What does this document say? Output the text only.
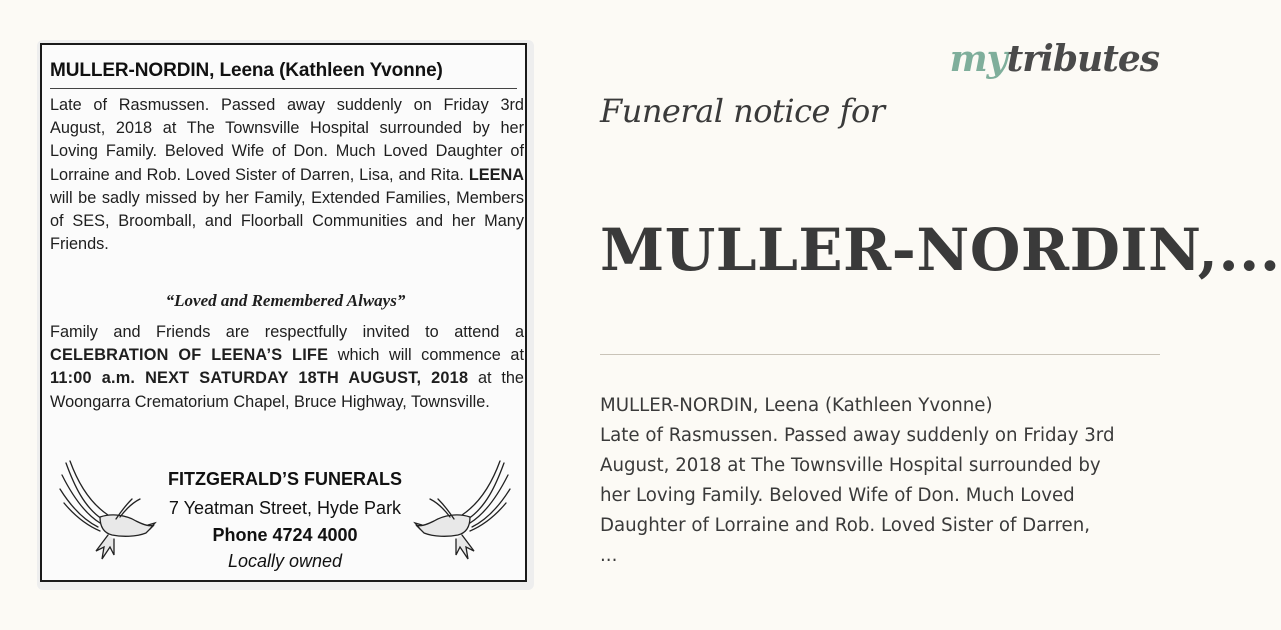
MULLER-NORDIN, Leena (Kathleen Yvonne)

Late of Rasmussen. Passed away suddenly on Friday 3rd August, 2018 at The Townsville Hospital surrounded by her Loving Family. Beloved Wife of Don. Much Loved Daughter of Lorraine and Rob. Loved Sister of Darren, Lisa, and Rita. LEENA will be sadly missed by her Family, Extended Families, Members of SES, Broomball, and Floorball Communities and her Many Friends.

“Loved and Remembered Always”
Family and Friends are respectfully invited to attend a CELEBRATION OF LEENA’S LIFE which will commence at 11:00 a.m. NEXT SATURDAY 18TH AUGUST, 2018 at the Woongarra Crematorium Chapel, Bruce Highway, Townsville.
FITZGERALD’S FUNERALS
7 Yeatman Street, Hyde Park
Phone 4724 4000
Locally owned
mytributes
Funeral notice for
MULLER-NORDIN,...
MULLER-NORDIN, Leena (Kathleen Yvonne)
Late of Rasmussen. Passed away suddenly on Friday 3rd
August, 2018 at The Townsville Hospital surrounded by
her Loving Family. Beloved Wife of Don. Much Loved
Daughter of Lorraine and Rob. Loved Sister of Darren,
...
